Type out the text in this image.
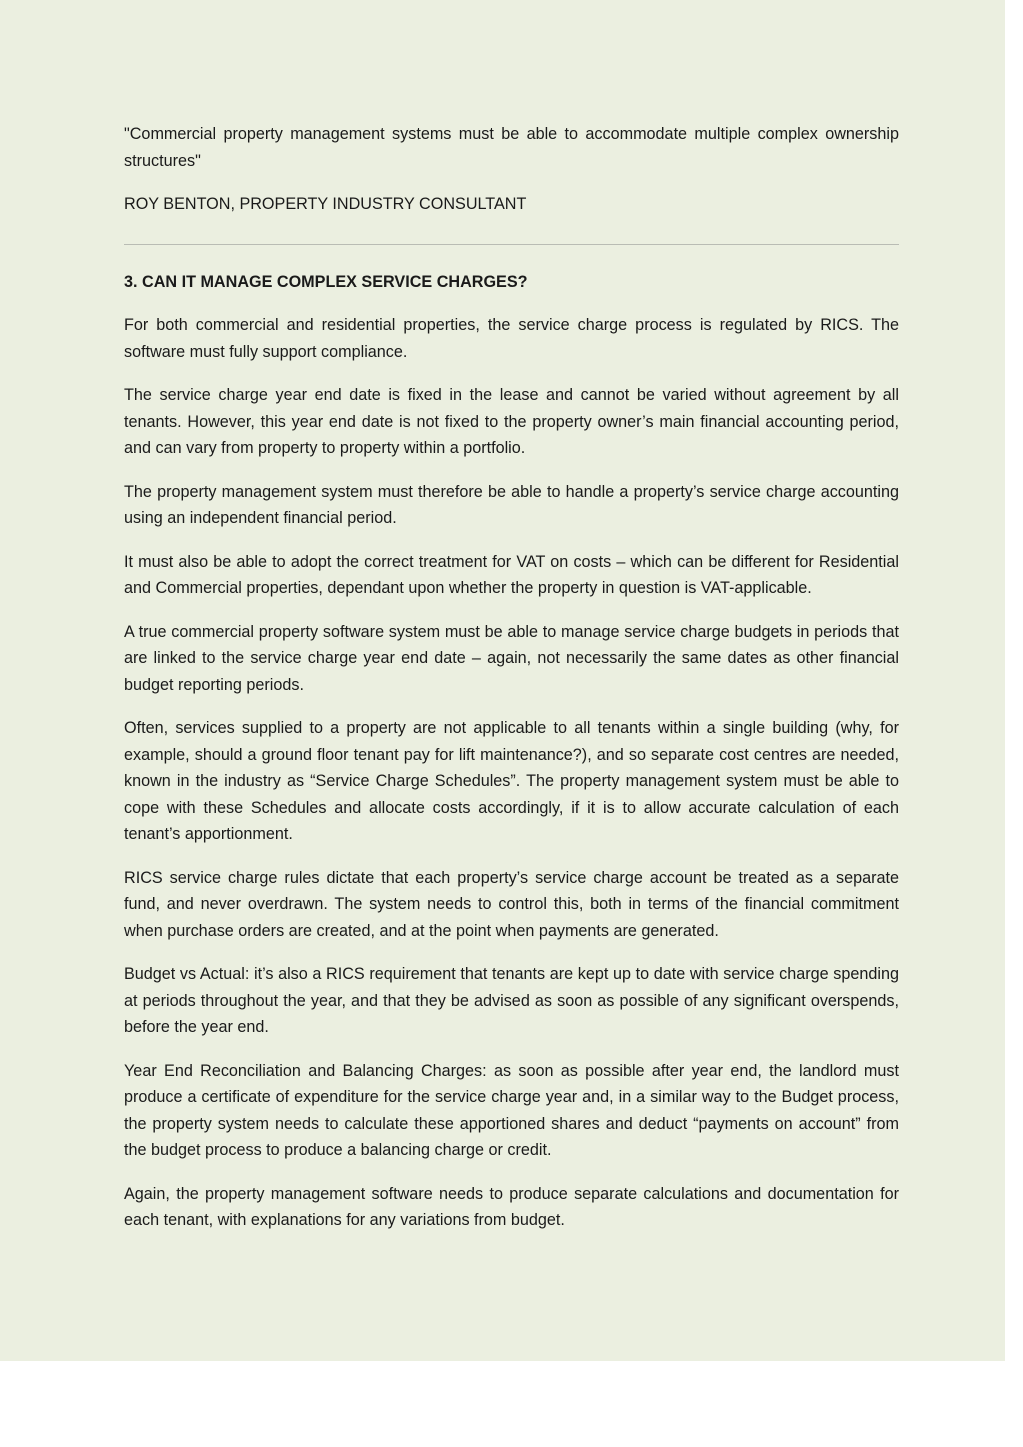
"Commercial property management systems must be able to accommodate multiple complex ownership structures"

ROY BENTON, PROPERTY INDUSTRY CONSULTANT

3. CAN IT MANAGE COMPLEX SERVICE CHARGES?

For both commercial and residential properties, the service charge process is regulated by RICS. The software must fully support compliance.

The service charge year end date is fixed in the lease and cannot be varied without agreement by all tenants. However, this year end date is not fixed to the property owner’s main financial accounting period, and can vary from property to property within a portfolio.

The property management system must therefore be able to handle a property’s service charge accounting using an independent financial period.

It must also be able to adopt the correct treatment for VAT on costs – which can be different for Residential and Commercial properties, dependant upon whether the property in question is VAT-applicable.

A true commercial property software system must be able to manage service charge budgets in periods that are linked to the service charge year end date – again, not necessarily the same dates as other financial budget reporting periods.

Often, services supplied to a property are not applicable to all tenants within a single building (why, for example, should a ground floor tenant pay for lift maintenance?), and so separate cost centres are needed, known in the industry as “Service Charge Schedules”. The property management system must be able to cope with these Schedules and allocate costs accordingly, if it is to allow accurate calculation of each tenant’s apportionment.

RICS service charge rules dictate that each property’s service charge account be treated as a separate fund, and never overdrawn. The system needs to control this, both in terms of the financial commitment when purchase orders are created, and at the point when payments are generated.

Budget vs Actual: it’s also a RICS requirement that tenants are kept up to date with service charge spending at periods throughout the year, and that they be advised as soon as possible of any significant overspends, before the year end.

Year End Reconciliation and Balancing Charges: as soon as possible after year end, the landlord must produce a certificate of expenditure for the service charge year and, in a similar way to the Budget process, the property system needs to calculate these apportioned shares and deduct “payments on account” from the budget process to produce a balancing charge or credit.

Again, the property management software needs to produce separate calculations and documentation for each tenant, with explanations for any variations from budget.
